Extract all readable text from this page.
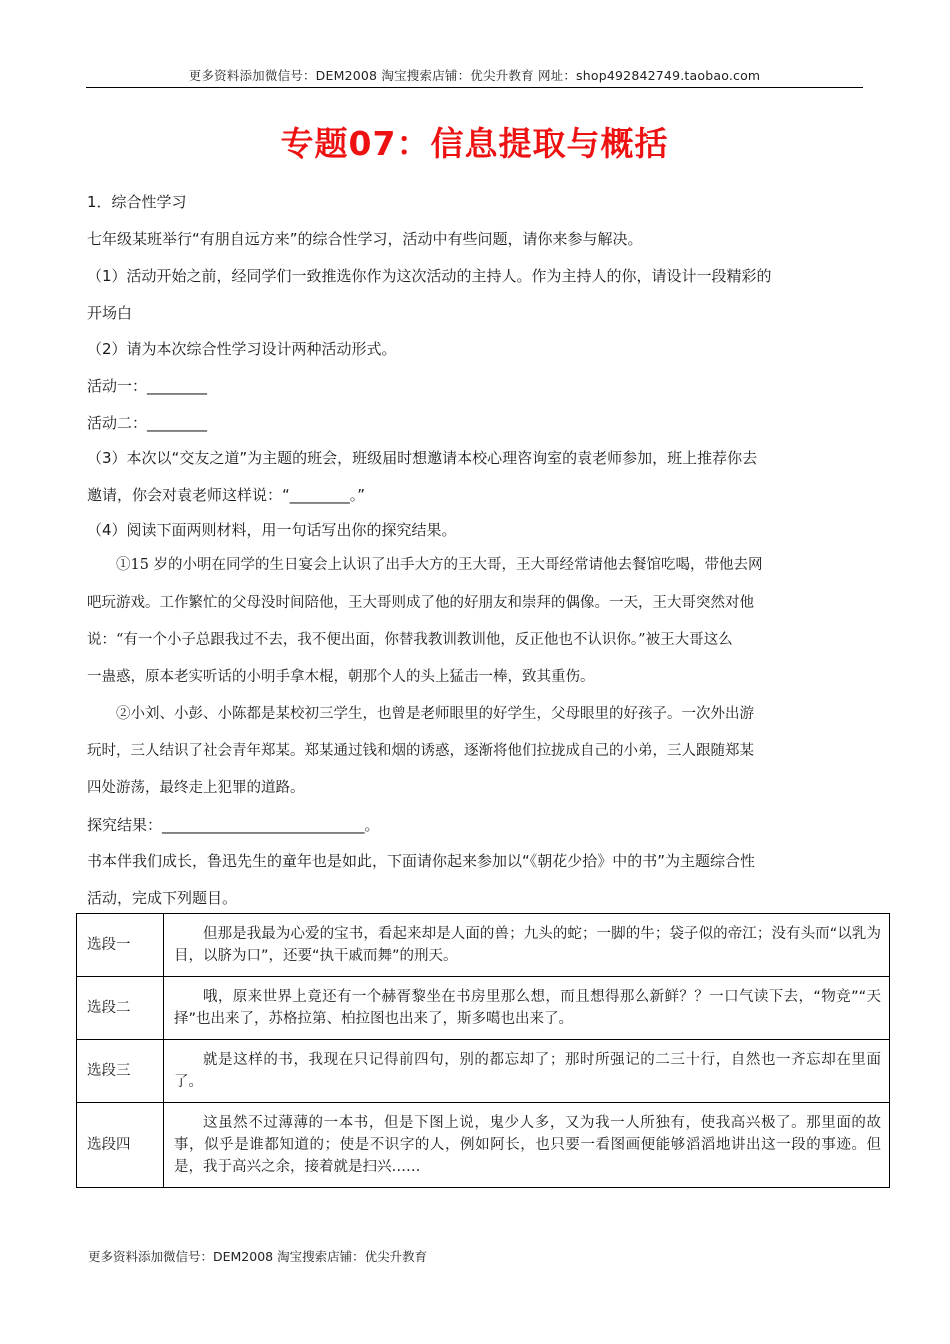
更多资料添加微信号：DEM2008 淘宝搜索店铺：优尖升教育 网址：shop492842749.taobao.com
专题07：信息提取与概括
1．综合性学习
七年级某班举行“有朋自远方来”的综合性学习，活动中有些问题，请你来参与解决。
（1）活动开始之前，经同学们一致推选你作为这次活动的主持人。作为主持人的你，请设计一段精彩的
开场白
（2）请为本次综合性学习设计两种活动形式。
活动一：________
活动二：________
（3）本次以“交友之道”为主题的班会，班级届时想邀请本校心理咨询室的袁老师参加，班上推荐你去
邀请，你会对袁老师这样说：“________。”
（4）阅读下面两则材料，用一句话写出你的探究结果。
①15 岁的小明在同学的生日宴会上认识了出手大方的王大哥，王大哥经常请他去餐馆吃喝，带他去网
吧玩游戏。工作繁忙的父母没时间陪他，王大哥则成了他的好朋友和崇拜的偶像。一天，王大哥突然对他
说：“有一个小子总跟我过不去，我不便出面，你替我教训教训他，反正他也不认识你。”被王大哥这么
一蛊惑，原本老实听话的小明手拿木棍，朝那个人的头上猛击一棒，致其重伤。
②小刘、小彭、小陈都是某校初三学生，也曾是老师眼里的好学生，父母眼里的好孩子。一次外出游
玩时，三人结识了社会青年郑某。郑某通过钱和烟的诱惑，逐渐将他们拉拢成自己的小弟，三人跟随郑某
四处游荡，最终走上犯罪的道路。
探究结果：___________________________。
书本伴我们成长，鲁迅先生的童年也是如此，下面请你起来参加以“《朝花少拾》中的书”为主题综合性
活动，完成下列题目。
选段一	但那是我最为心爱的宝书，看起来却是人面的兽；九头的蛇；一脚的牛；袋子似的帝江；没有头而“以乳为目，以脐为口”，还要“执干戚而舞”的刑天。
选段二	哦，原来世界上竟还有一个赫胥黎坐在书房里那么想，而且想得那么新鲜？？一口气读下去，“物竞”“天择”也出来了，苏格拉第、柏拉图也出来了，斯多噶也出来了。
选段三	就是这样的书，我现在只记得前四句，别的都忘却了；那时所强记的二三十行，自然也一齐忘却在里面了。
选段四	这虽然不过薄薄的一本书，但是下图上说，鬼少人多，又为我一人所独有，使我高兴极了。那里面的故事，似乎是谁都知道的；使是不识字的人，例如阿长，也只要一看图画便能够滔滔地讲出这一段的事迹。但是，我于高兴之余，接着就是扫兴……
更多资料添加微信号：DEM2008 淘宝搜索店铺：优尖升教育
